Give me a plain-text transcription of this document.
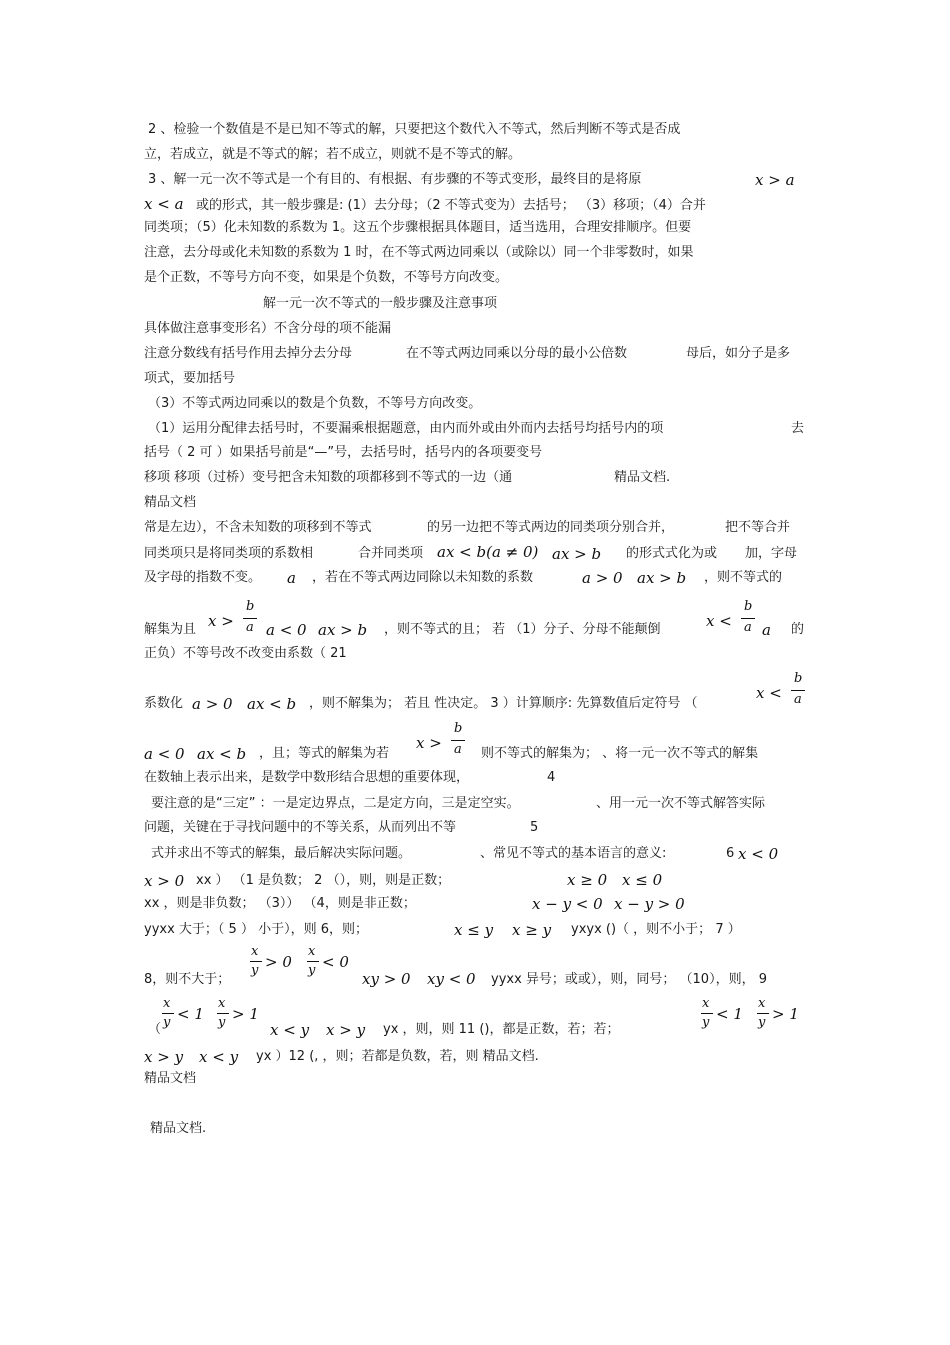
2 、检验一个数值是不是已知不等式的解，只要把这个数代入不等式，然后判断不等式是否成
立，若成立，就是不等式的解；若不成立，则就不是不等式的解。
3 、解一元一次不等式是一个有目的、有根据、有步骤的不等式变形，最终目的是将原
或的形式，其一般步骤是: (1）去分母；（2 不等式变为）去括号； （3）移项；（4）合并
同类项；（5）化未知数的系数为 1。这五个步骤根据具体题目，适当选用，合理安排顺序。但要
注意，去分母或化未知数的系数为 1 时，在不等式两边同乘以（或除以）同一个非零数时，如果
是个正数，不等号方向不变，如果是个负数，不等号方向改变。
解一元一次不等式的一般步骤及注意事项
具体做注意事变形名）不含分母的项不能漏
注意分数线有括号作用去掉分去分母	在不等式两边同乘以分母的最小公倍数	母后，如分子是多
项式，要加括号
（3）不等式两边同乘以的数是个负数，不等号方向改变。
（1）运用分配律去括号时，不要漏乘根据题意，由内而外或由外而内去括号均括号内的项	去
括号（ 2 可 ）如果括号前是“—”号，去括号时，括号内的各项要变号
移项 移项（过桥）变号把含未知数的项都移到不等式的一边（通	精品文档.
精品文档
常是左边），不含未知数的项移到不等式	的另一边把不等式两边的同类项分别合并，	把不等合并
同类项只是将同类项的系数相	合并同类项	的形式式化为或 加，字母
及字母的指数不变。	，若在不等式两边同除以未知数的系数	，则不等式的
解集为且	，则不等式的且； 若 （1）分子、分母不能颠倒	的
正负）不等号改不改变由系数（ 21
系数化	，则不解集为； 若且 性决定。 3 ）计算顺序: 先算数值后定符号 （
，且；等式的解集为若	则不等式的解集为； 、将一元一次不等式的解集
在数轴上表示出来，是数学中数形结合思想的重要体现，	4
要注意的是“三定” ：一是定边界点，二是定方向，三是定空实。	、用一元一次不等式解答实际
问题，关键在于寻找问题中的不等关系，从而列出不等	5
式并求出不等式的解集，最后解决实际问题。	、常见不等式的基本语言的意义:	6
xx ） （1 是负数； 2 （），则，则是正数；
xx ，则是非负数； （3）） （4，则是非正数；
yyxx 大于；（ 5 ） 小于），则 6，则；	yxyx ()（ ，则不小于； 7 ）
8，则不大于；	yyxx 异号；或或），则，同号； （10），则， 9
（	yx ，则，则 11 ()，都是正数，若；若；
yx ）12 (, ，则；若都是负数，若，则 精品文档.
精品文档
精品文档.
x > a
x < a
ax < b(a ≠ 0) ax > b
a	a > 0 ax > b
a < 0 ax > b	a
a > 0 ax < b
a < 0 ax < b
x < 0
x > 0	x ≥ 0 x ≤ 0
x − y < 0 x − y > 0
x ≤ y x ≥ y
xy > 0 xy < 0
x < y x > y
x > y x < y
x >
b
a	x <
b
a
x <
b
a
x >
b
a
x
y > 0
x
y < 0
x
y < 1
x
y > 1
x
y < 1
x
y > 1
